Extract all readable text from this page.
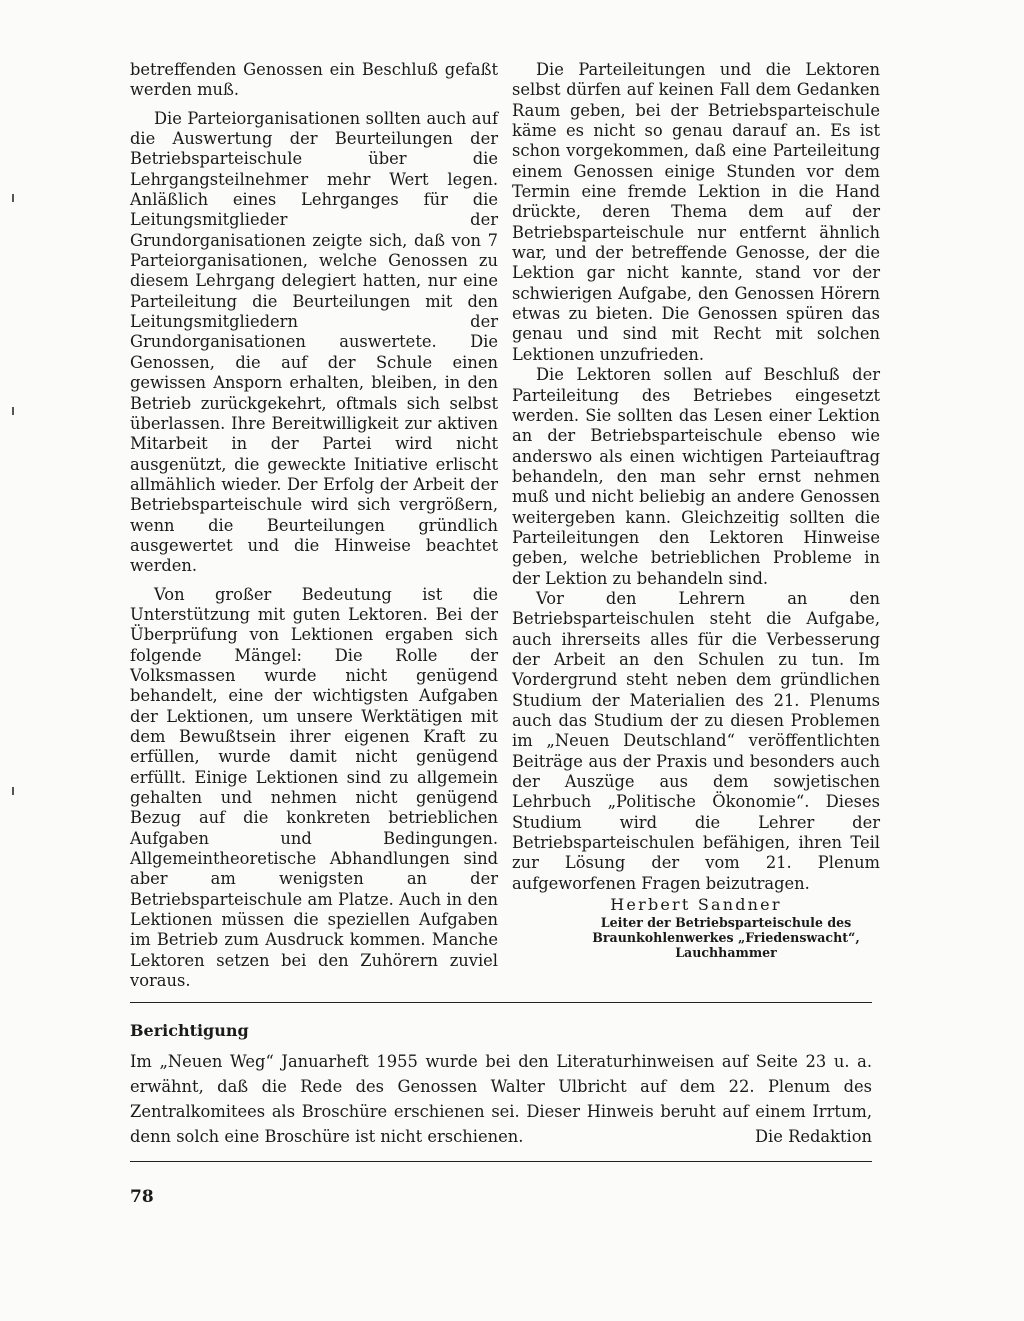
betreffenden Genossen ein Beschluß gefaßt werden muß.

Die Parteiorganisationen sollten auch auf die Auswertung der Beurteilungen der Betriebsparteischule über die Lehrgangsteilnehmer mehr Wert legen. Anläßlich eines Lehrganges für die Leitungsmitglieder der Grundorganisationen zeigte sich, daß von 7 Parteiorganisationen, welche Genossen zu diesem Lehrgang delegiert hatten, nur eine Parteileitung die Beurteilungen mit den Leitungsmitgliedern der Grundorganisationen auswertete. Die Genossen, die auf der Schule einen gewissen Ansporn erhalten, bleiben, in den Betrieb zurückgekehrt, oftmals sich selbst überlassen. Ihre Bereitwilligkeit zur aktiven Mitarbeit in der Partei wird nicht ausgenützt, die geweckte Initiative erlischt allmählich wieder. Der Erfolg der Arbeit der Betriebsparteischule wird sich vergrößern, wenn die Beurteilungen gründlich ausgewertet und die Hinweise beachtet werden.

Von großer Bedeutung ist die Unterstützung mit guten Lektoren. Bei der Überprüfung von Lektionen ergaben sich folgende Mängel: Die Rolle der Volksmassen wurde nicht genügend behandelt, eine der wichtigsten Aufgaben der Lektionen, um unsere Werktätigen mit dem Bewußtsein ihrer eigenen Kraft zu erfüllen, wurde damit nicht genügend erfüllt. Einige Lektionen sind zu allgemein gehalten und nehmen nicht genügend Bezug auf die konkreten betrieblichen Aufgaben und Bedingungen. Allgemeintheoretische Abhandlungen sind aber am wenigsten an der Betriebsparteischule am Platze. Auch in den Lektionen müssen die speziellen Aufgaben im Betrieb zum Ausdruck kommen. Manche Lektoren setzen bei den Zuhörern zuviel voraus.

Die Parteileitungen und die Lektoren selbst dürfen auf keinen Fall dem Gedanken Raum geben, bei der Betriebsparteischule käme es nicht so genau darauf an. Es ist schon vorgekommen, daß eine Parteileitung einem Genossen einige Stunden vor dem Termin eine fremde Lektion in die Hand drückte, deren Thema dem auf der Betriebsparteischule nur entfernt ähnlich war, und der betreffende Genosse, der die Lektion gar nicht kannte, stand vor der schwierigen Aufgabe, den Genossen Hörern etwas zu bieten. Die Genossen spüren das genau und sind mit Recht mit solchen Lektionen unzufrieden.

Die Lektoren sollen auf Beschluß der Parteileitung des Betriebes eingesetzt werden. Sie sollten das Lesen einer Lektion an der Betriebsparteischule ebenso wie anderswo als einen wichtigen Parteiauftrag behandeln, den man sehr ernst nehmen muß und nicht beliebig an andere Genossen weitergeben kann. Gleichzeitig sollten die Parteileitungen den Lektoren Hinweise geben, welche betrieblichen Probleme in der Lektion zu behandeln sind.

Vor den Lehrern an den Betriebsparteischulen steht die Aufgabe, auch ihrerseits alles für die Verbesserung der Arbeit an den Schulen zu tun. Im Vordergrund steht neben dem gründlichen Studium der Materialien des 21. Plenums auch das Studium der zu diesen Problemen im „Neuen Deutschland“ veröffentlichten Beiträge aus der Praxis und besonders auch der Auszüge aus dem sowjetischen Lehrbuch „Politische Ökonomie“. Dieses Studium wird die Lehrer der Betriebsparteischulen befähigen, ihren Teil zur Lösung der vom 21. Plenum aufgeworfenen Fragen beizutragen.

Herbert Sandner
Leiter der Betriebsparteischule des
Braunkohlenwerkes „Friedenswacht“,
Lauchhammer
Berichtigung
Im „Neuen Weg“ Januarheft 1955 wurde bei den Literaturhinweisen auf Seite 23 u. a. erwähnt, daß die Rede des Genossen Walter Ulbricht auf dem 22. Plenum des Zentralkomitees als Broschüre erschienen sei. Dieser Hinweis beruht auf einem Irrtum, denn solch eine Broschüre ist nicht erschienen.	Die Redaktion
78
